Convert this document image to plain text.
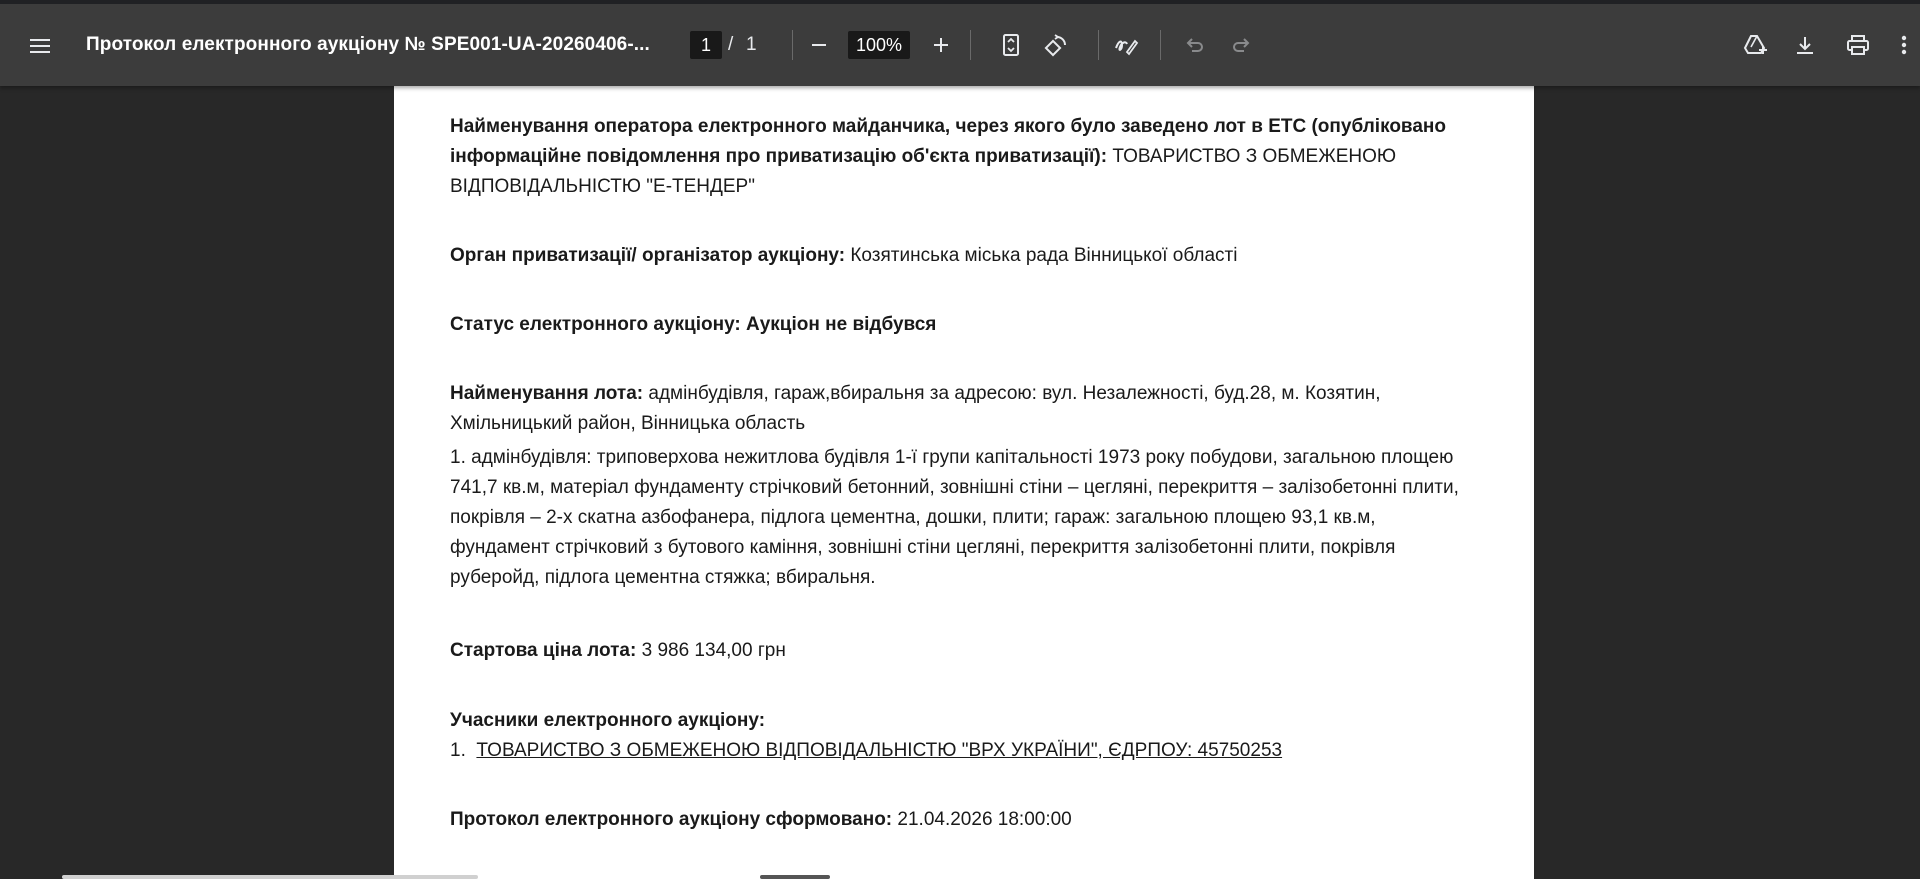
Протокол електронного аукціону № SPE001-UA-20260406-...	1 / 1	100%

Найменування оператора електронного майданчика, через якого було заведено лот в ЕТС (опубліковано інформаційне повідомлення про приватизацію об'єкта приватизації): ТОВАРИСТВО З ОБМЕЖЕНОЮ ВІДПОВІДАЛЬНІСТЮ "Е-ТЕНДЕР"

Орган приватизації/ організатор аукціону: Козятинська міська рада Вінницької області

Статус електронного аукціону: Аукціон не відбувся

Найменування лота: адмінбудівля, гараж,вбиральня за адресою: вул. Незалежності, буд.28, м. Козятин, Хмільницький район, Вінницька область

1. адмінбудівля: триповерхова нежитлова будівля 1-ї групи капітальності 1973 року побудови, загальною площею 741,7 кв.м, матеріал фундаменту стрічковий бетонний, зовнішні стіни – цегляні, перекриття – залізобетонні плити, покрівля – 2-х скатна азбофанера, підлога цементна, дошки, плити; гараж: загальною площею 93,1 кв.м, фундамент стрічковий з бутового каміння, зовнішні стіни цегляні, перекриття залізобетонні плити, покрівля руберойд, підлога цементна стяжка; вбиральня.

Стартова ціна лота: 3 986 134,00 грн

Учасники електронного аукціону:

1. ТОВАРИСТВО З ОБМЕЖЕНОЮ ВІДПОВІДАЛЬНІСТЮ "ВРХ УКРАЇНИ", ЄДРПОУ: 45750253

Протокол електронного аукціону сформовано: 21.04.2026 18:00:00
